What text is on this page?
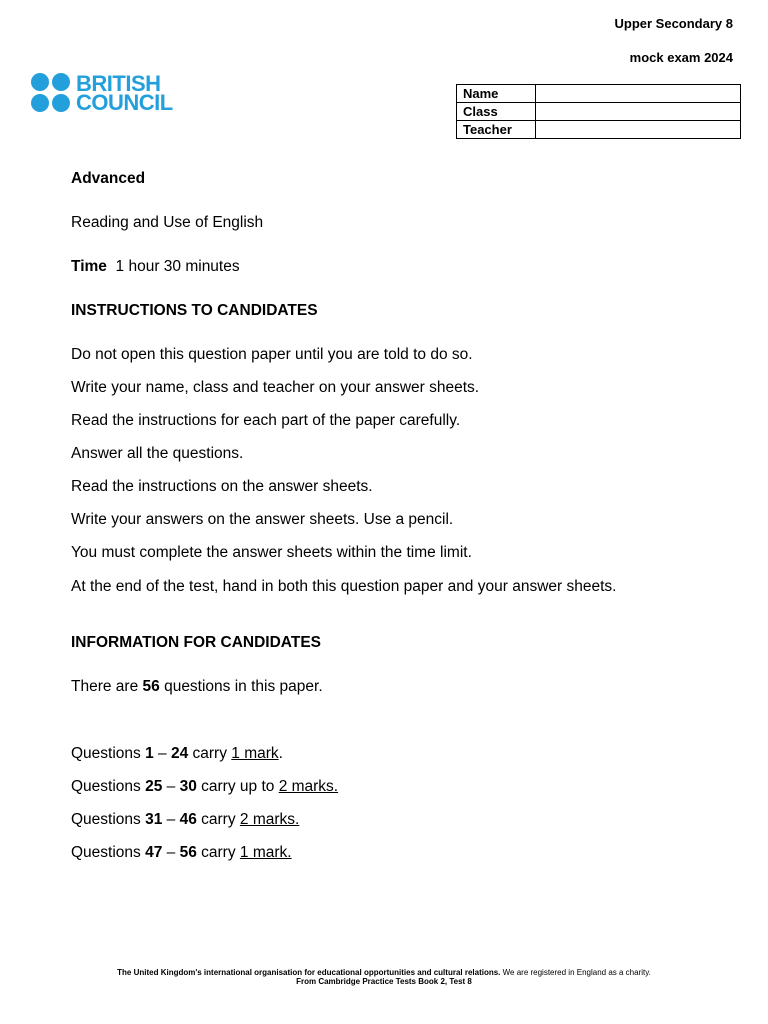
Upper Secondary 8
mock exam 2024
BRITISH
COUNCIL	Name	
Class	
Teacher	
Advanced
Reading and Use of English
Time 1 hour 30 minutes
INSTRUCTIONS TO CANDIDATES
Do not open this question paper until you are told to do so.
Write your name, class and teacher on your answer sheets.
Read the instructions for each part of the paper carefully.
Answer all the questions.
Read the instructions on the answer sheets.
Write your answers on the answer sheets. Use a pencil.
You must complete the answer sheets within the time limit.
At the end of the test, hand in both this question paper and your answer sheets.
INFORMATION FOR CANDIDATES
There are 56 questions in this paper.
Questions 1 – 24 carry 1 mark.
Questions 25 – 30 carry up to 2 marks.
Questions 31 – 46 carry 2 marks.
Questions 47 – 56 carry 1 mark.
The United Kingdom's international organisation for educational opportunities and cultural relations. We are registered in England as a charity.
From Cambridge Practice Tests Book 2, Test 8
